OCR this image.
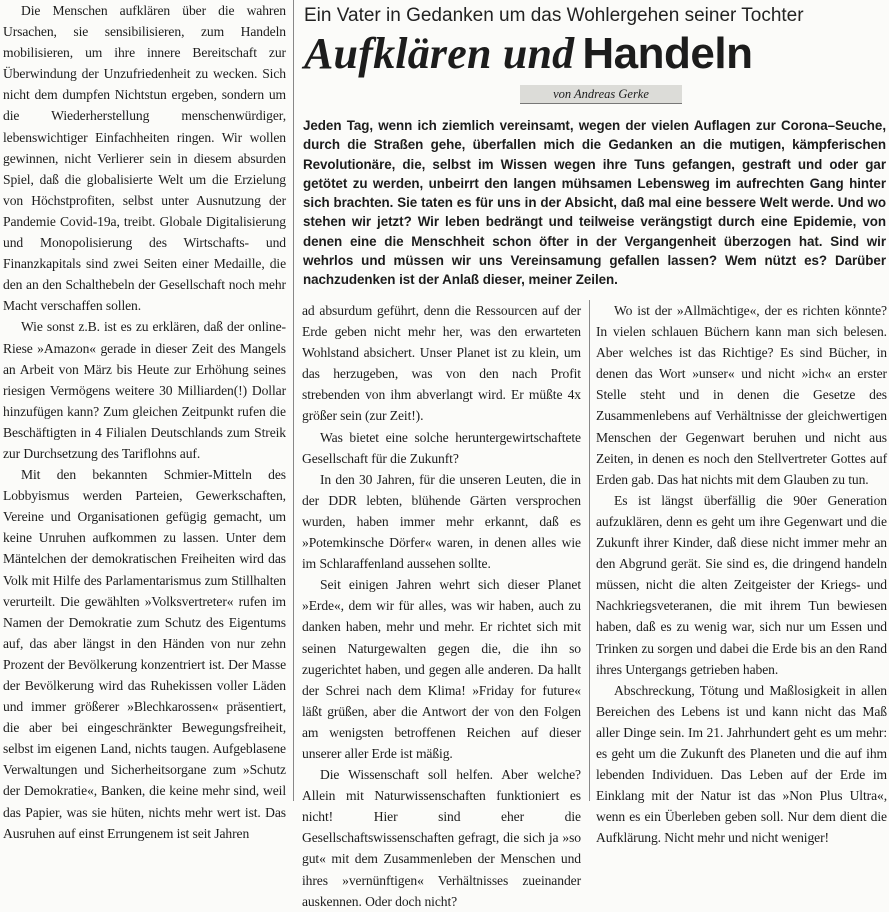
Die Menschen aufklären über die wahren Ursachen, sie sensibilisieren, zum Handeln mobilisieren, um ihre innere Bereitschaft zur Überwindung der Unzufriedenheit zu wecken. Sich nicht dem dumpfen Nichtstun ergeben, sondern um die Wiederherstellung menschenwürdiger, lebenswichtiger Einfachheiten ringen. Wir wollen gewinnen, nicht Verlierer sein in diesem absurden Spiel, daß die globalisierte Welt um die Erzielung von Höchstprofiten, selbst unter Ausnutzung der Pandemie Covid-19a, treibt. Globale Digitalisierung und Monopolisierung des Wirtschafts- und Finanzkapitals sind zwei Seiten einer Medaille, die den an den Schalthebeln der Gesellschaft noch mehr Macht verschaffen sollen.

Wie sonst z.B. ist es zu erklären, daß der online-Riese »Amazon« gerade in dieser Zeit des Mangels an Arbeit von März bis Heute zur Erhöhung seines riesigen Vermögens weitere 30 Milliarden(!) Dollar hinzufügen kann? Zum gleichen Zeitpunkt rufen die Beschäftigten in 4 Filialen Deutschlands zum Streik zur Durchsetzung des Tariflohns auf.

Mit den bekannten Schmier-Mitteln des Lobbyismus werden Parteien, Gewerkschaften, Vereine und Organisationen gefügig gemacht, um keine Unruhen aufkommen zu lassen. Unter dem Mäntelchen der demokratischen Freiheiten wird das Volk mit Hilfe des Parlamentarismus zum Stillhalten verurteilt. Die gewählten »Volksvertreter« rufen im Namen der Demokratie zum Schutz des Eigentums auf, das aber längst in den Händen von nur zehn Prozent der Bevölkerung konzentriert ist. Der Masse der Bevölkerung wird das Ruhekissen voller Läden und immer größerer »Blechkarossen« präsentiert, die aber bei eingeschränkter Bewegungsfreiheit, selbst im eigenen Land, nichts taugen. Aufgeblasene Verwaltungen und Sicherheitsorgane zum »Schutz der Demokratie«, Banken, die keine mehr sind, weil das Papier, was sie hüten, nichts mehr wert ist. Das Ausruhen auf einst Errungenem ist seit Jahren

Ein Vater in Gedanken um das Wohlergehen seiner Tochter
Aufklären und Handeln
von Andreas Gerke
Jeden Tag, wenn ich ziemlich vereinsamt, wegen der vielen Auflagen zur Corona–Seuche, durch die Straßen gehe, überfallen mich die Gedanken an die mutigen, kämpferischen Revolutionäre, die, selbst im Wissen wegen ihre Tuns gefangen, gestraft und oder gar getötet zu werden, unbeirrt den langen mühsamen Lebensweg im aufrechten Gang hinter sich brachten. Sie taten es für uns in der Absicht, daß mal eine bessere Welt werde. Und wo stehen wir jetzt? Wir leben bedrängt und teilweise verängstigt durch eine Epidemie, von denen eine die Menschheit schon öfter in der Vergangenheit überzogen hat. Sind wir wehrlos und müssen wir uns Vereinsamung gefallen lassen? Wem nützt es? Darüber nachzudenken ist der Anlaß dieser, meiner Zeilen.

ad absurdum geführt, denn die Ressourcen auf der Erde geben nicht mehr her, was den erwarteten Wohlstand absichert. Unser Planet ist zu klein, um das herzugeben, was von den nach Profit strebenden von ihm abverlangt wird. Er müßte 4x größer sein (zur Zeit!).

Was bietet eine solche heruntergewirtschaftete Gesellschaft für die Zukunft?

In den 30 Jahren, für die unseren Leuten, die in der DDR lebten, blühende Gärten versprochen wurden, haben immer mehr erkannt, daß es »Potemkinsche Dörfer« waren, in denen alles wie im Schlaraffenland aussehen sollte.

Seit einigen Jahren wehrt sich dieser Planet »Erde«, dem wir für alles, was wir haben, auch zu danken haben, mehr und mehr. Er richtet sich mit seinen Naturgewalten gegen die, die ihn so zugerichtet haben, und gegen alle anderen. Da hallt der Schrei nach dem Klima! »Friday for future« läßt grüßen, aber die Antwort der von den Folgen am wenigsten betroffenen Reichen auf dieser unserer aller Erde ist mäßig.

Die Wissenschaft soll helfen. Aber welche? Allein mit Naturwissenschaften funktioniert es nicht! Hier sind eher die Gesellschaftswissenschaften gefragt, die sich ja »so gut« mit dem Zusammenleben der Menschen und ihres »vernünftigen« Verhältnisses zueinander auskennen. Oder doch nicht?

Wo ist der »Allmächtige«, der es richten könnte? In vielen schlauen Büchern kann man sich belesen. Aber welches ist das Richtige? Es sind Bücher, in denen das Wort »unser« und nicht »ich« an erster Stelle steht und in denen die Gesetze des Zusammenlebens auf Verhältnisse der gleichwertigen Menschen der Gegenwart beruhen und nicht aus Zeiten, in denen es noch den Stellvertreter Gottes auf Erden gab. Das hat nichts mit dem Glauben zu tun.

Es ist längst überfällig die 90er Generation aufzuklären, denn es geht um ihre Gegenwart und die Zukunft ihrer Kinder, daß diese nicht immer mehr an den Abgrund gerät. Sie sind es, die dringend handeln müssen, nicht die alten Zeitgeister der Kriegs- und Nachkriegsveteranen, die mit ihrem Tun bewiesen haben, daß es zu wenig war, sich nur um Essen und Trinken zu sorgen und dabei die Erde bis an den Rand ihres Untergangs getrieben haben.

Abschreckung, Tötung und Maßlosigkeit in allen Bereichen des Lebens ist und kann nicht das Maß aller Dinge sein. Im 21. Jahrhundert geht es um mehr: es geht um die Zukunft des Planeten und die auf ihm lebenden Individuen. Das Leben auf der Erde im Einklang mit der Natur ist das »Non Plus Ultra«, wenn es ein Überleben geben soll. Nur dem dient die Aufklärung. Nicht mehr und nicht weniger!
